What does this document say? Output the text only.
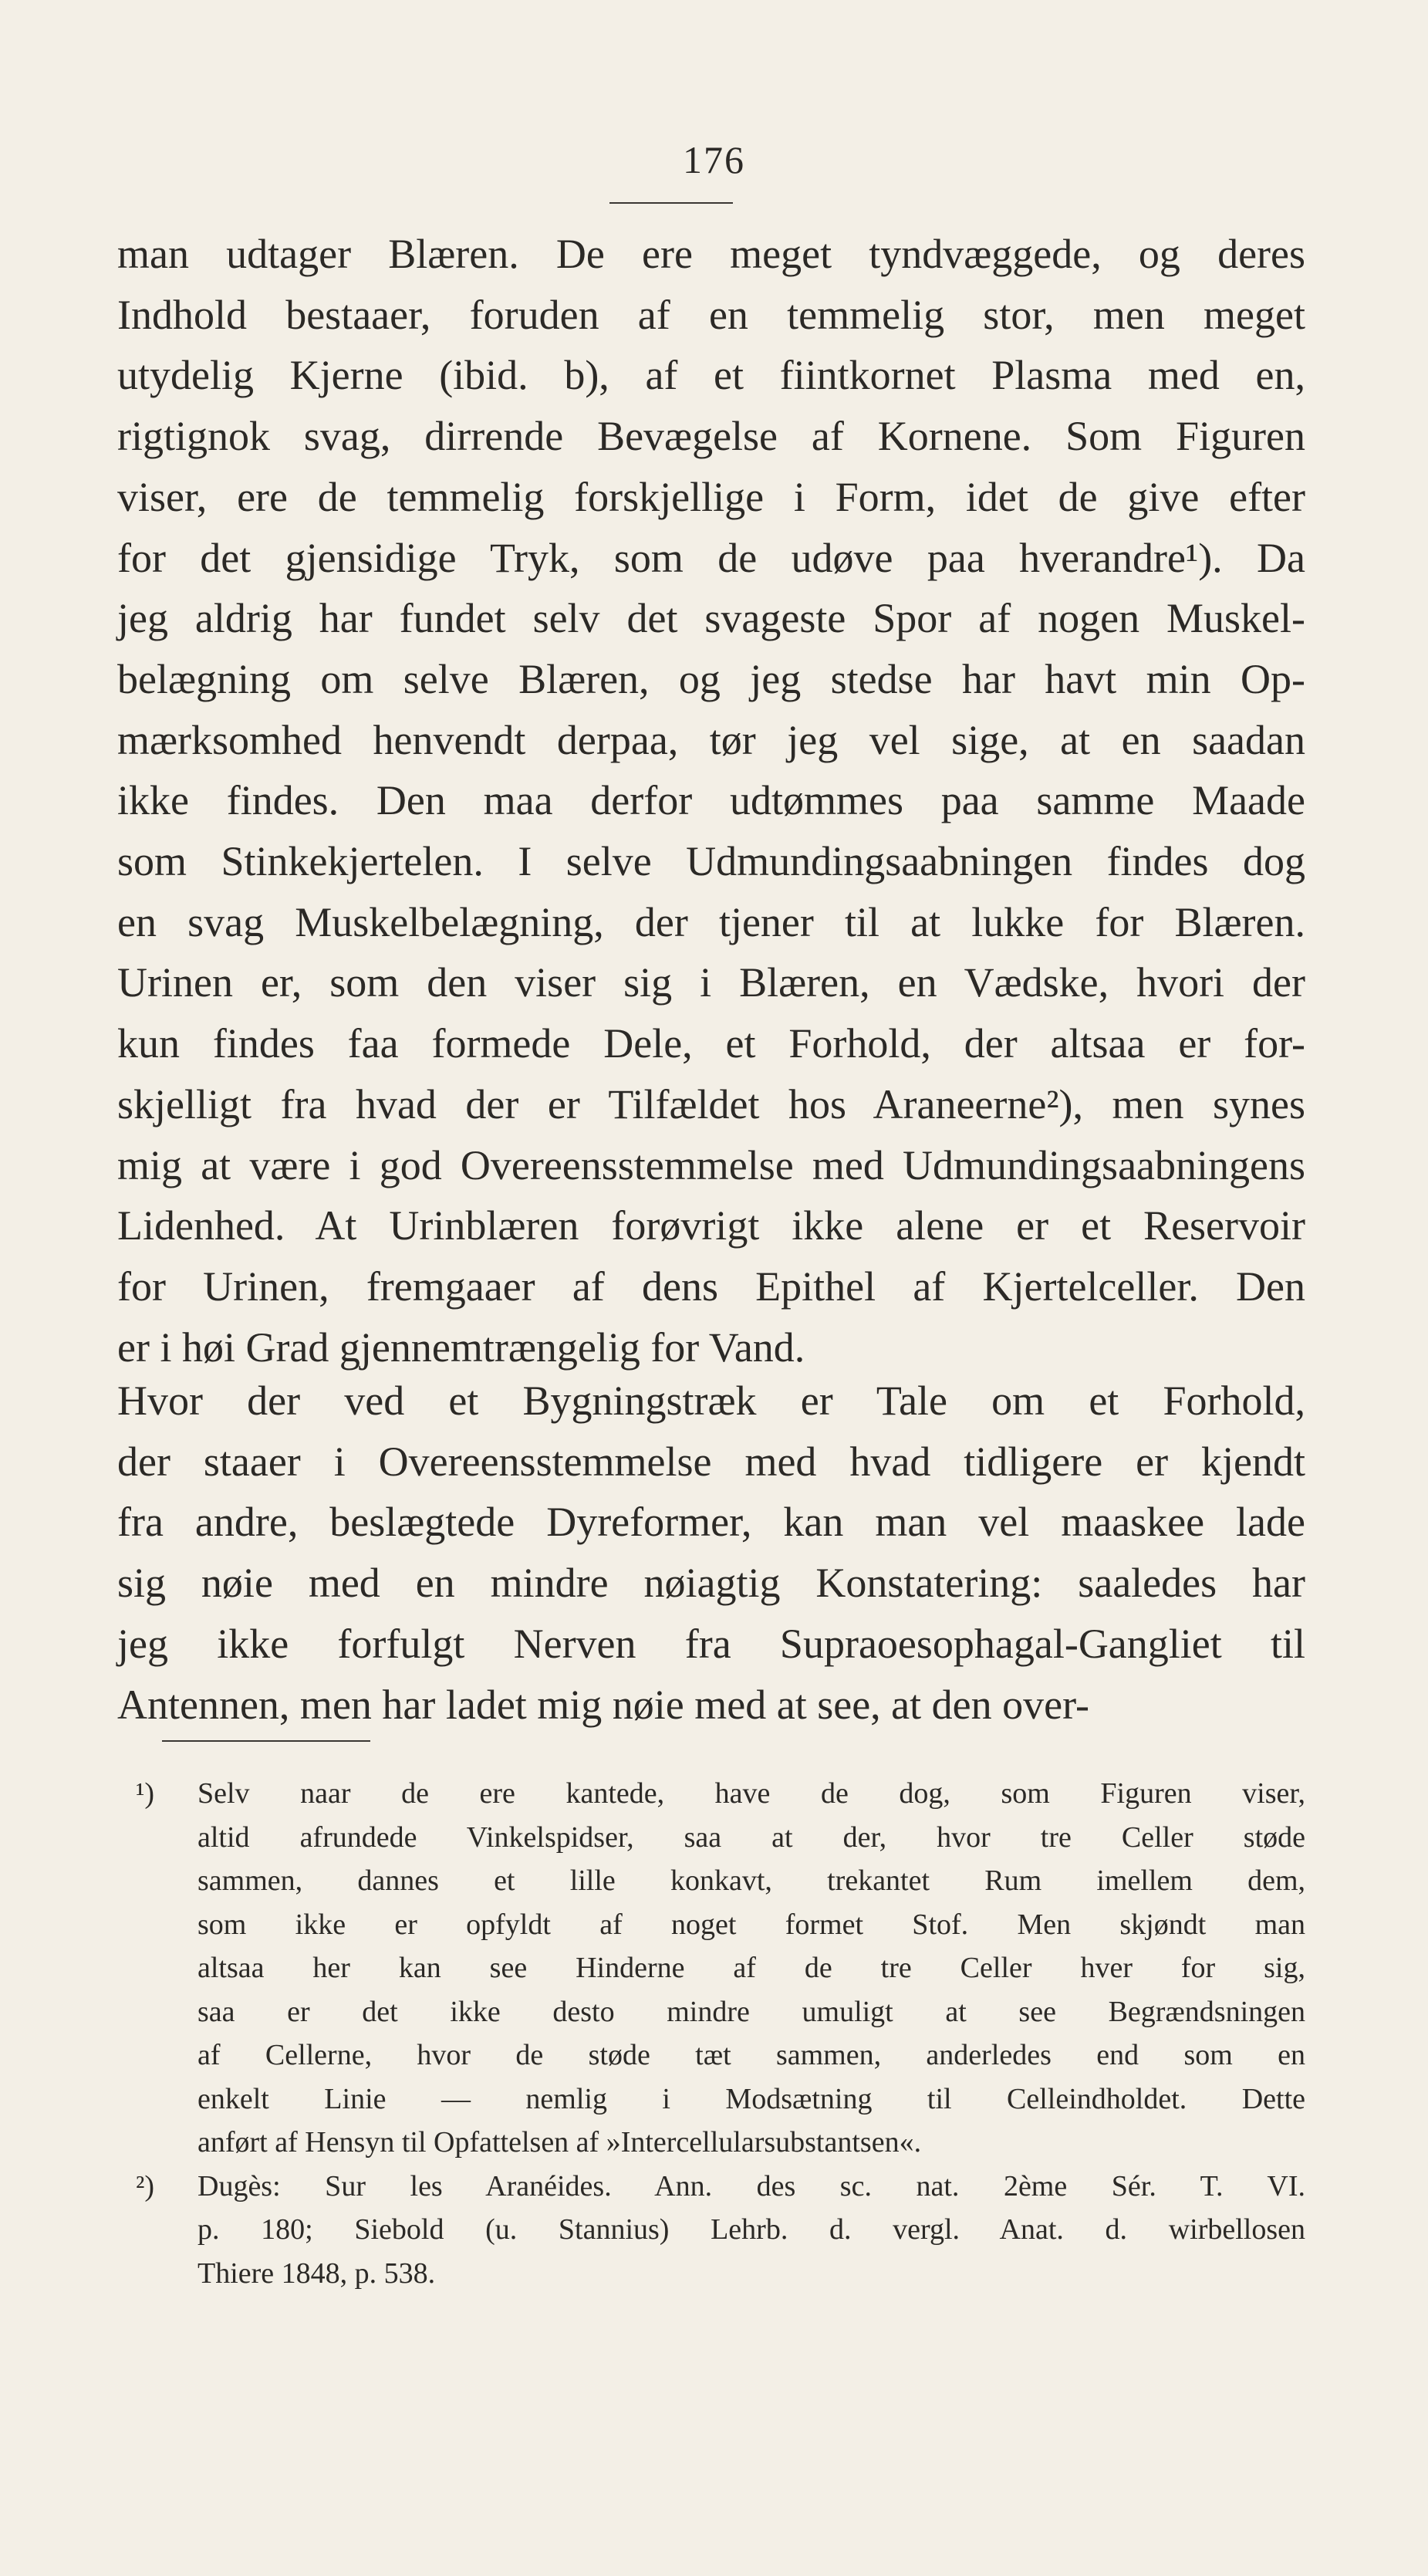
176

man udtager Blæren. De ere meget tyndvæggede, og deres
Indhold bestaaer, foruden af en temmelig stor, men meget
utydelig Kjerne (ibid. b), af et fiintkornet Plasma med en,
rigtignok svag, dirrende Bevægelse af Kornene. Som Figuren
viser, ere de temmelig forskjellige i Form, idet de give efter
for det gjensidige Tryk, som de udøve paa hverandre¹). Da
jeg aldrig har fundet selv det svageste Spor af nogen Muskel-
belægning om selve Blæren, og jeg stedse har havt min Op-
mærksomhed henvendt derpaa, tør jeg vel sige, at en saadan
ikke findes. Den maa derfor udtømmes paa samme Maade
som Stinkekjertelen. I selve Udmundingsaabningen findes dog
en svag Muskelbelægning, der tjener til at lukke for Blæren.
Urinen er, som den viser sig i Blæren, en Vædske, hvori der
kun findes faa formede Dele, et Forhold, der altsaa er for-
skjelligt fra hvad der er Tilfældet hos Araneerne²), men synes
mig at være i god Overeensstemmelse med Udmundingsaabningens
Lidenhed. At Urinblæren forøvrigt ikke alene er et Reservoir
for Urinen, fremgaaer af dens Epithel af Kjertelceller. Den
er i høi Grad gjennemtrængelig for Vand.

Hvor der ved et Bygningstræk er Tale om et Forhold,
der staaer i Overeensstemmelse med hvad tidligere er kjendt
fra andre, beslægtede Dyreformer, kan man vel maaskee lade
sig nøie med en mindre nøiagtig Konstatering: saaledes har
jeg ikke forfulgt Nerven fra Supraoesophagal-Gangliet til
Antennen, men har ladet mig nøie med at see, at den over-

¹) Selv naar de ere kantede, have de dog, som Figuren viser,
altid afrundede Vinkelspidser, saa at der, hvor tre Celler støde
sammen, dannes et lille konkavt, trekantet Rum imellem dem,
som ikke er opfyldt af noget formet Stof. Men skjøndt man
altsaa her kan see Hinderne af de tre Celler hver for sig,
saa er det ikke desto mindre umuligt at see Begrændsningen
af Cellerne, hvor de støde tæt sammen, anderledes end som en
enkelt Linie — nemlig i Modsætning til Celleindholdet. Dette
anført af Hensyn til Opfattelsen af »Intercellularsubstantsen«.
²) Dugès: Sur les Aranéides. Ann. des sc. nat. 2ème Sér. T. VI.
p. 180; Siebold (u. Stannius) Lehrb. d. vergl. Anat. d. wirbellosen
Thiere 1848, p. 538.
